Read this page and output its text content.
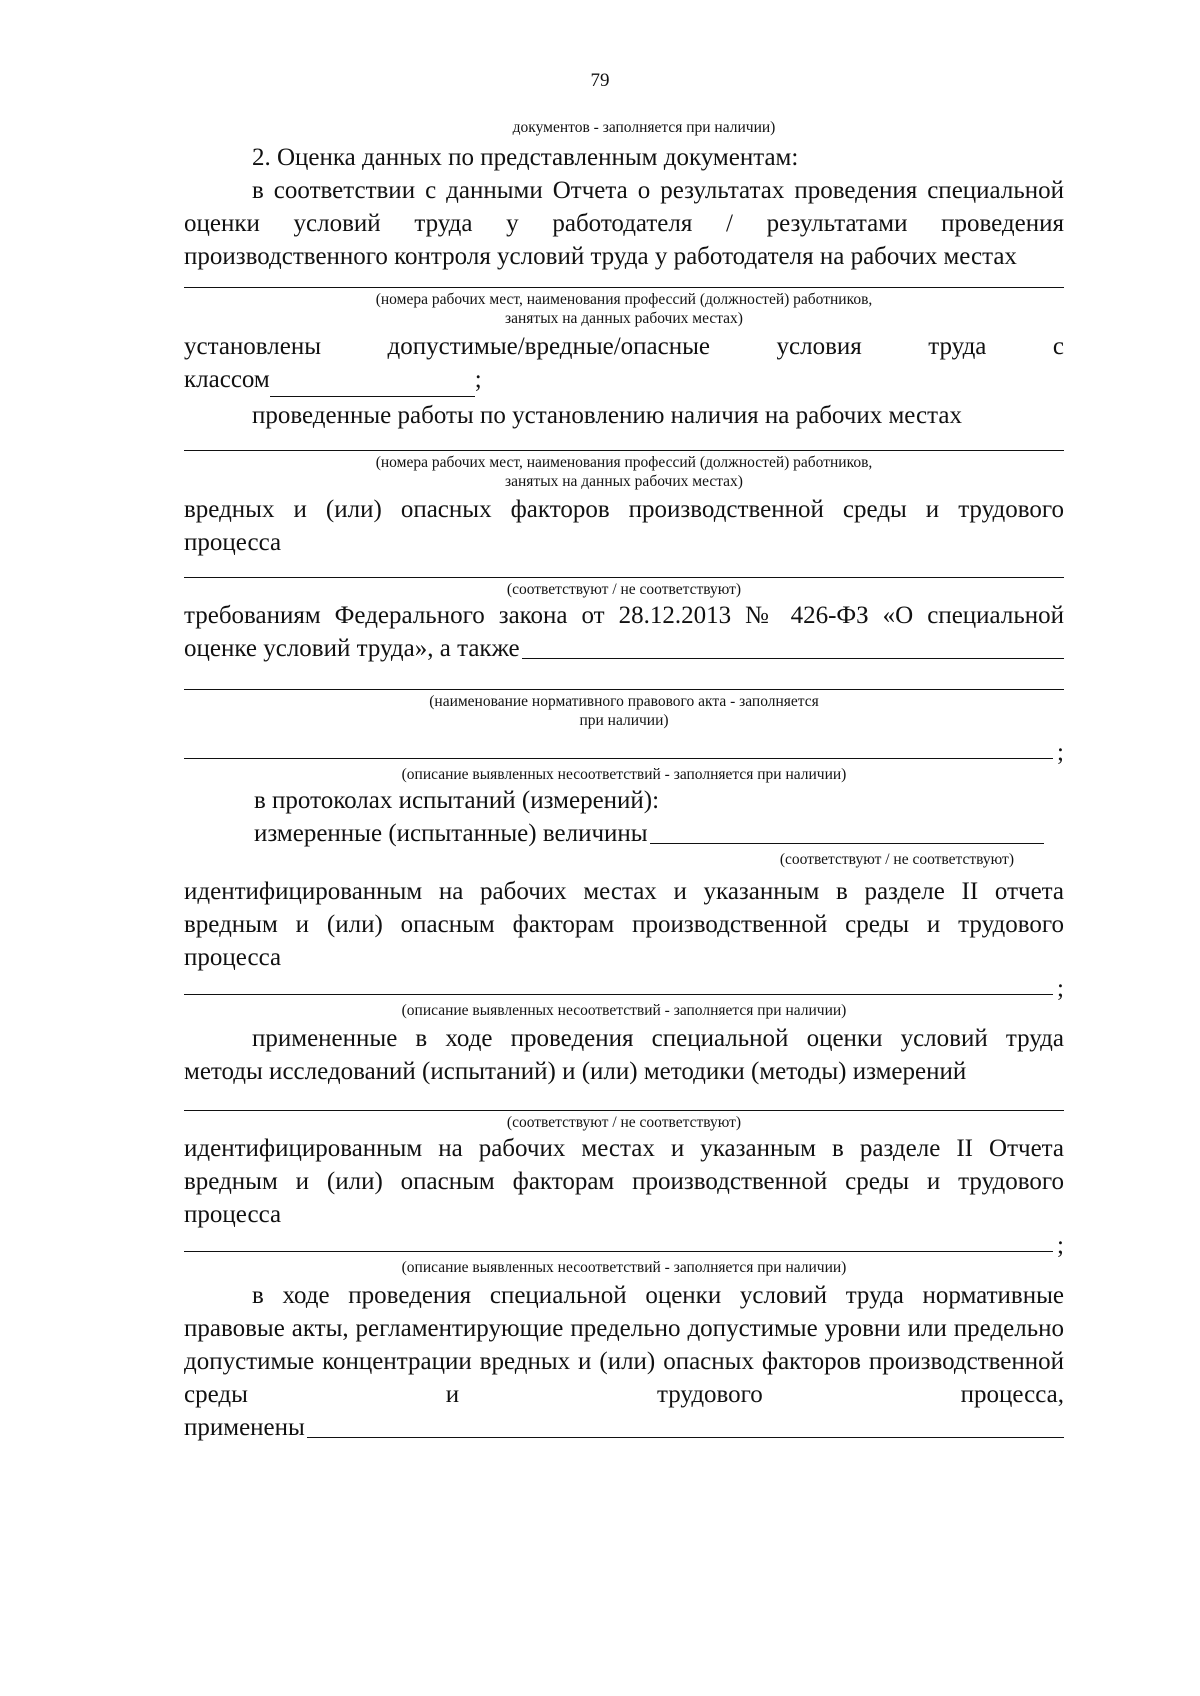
79
документов - заполняется при наличии)
2. Оценка данных по представленным документам:
в соответствии с данными Отчета о результатах проведения специальной оценки условий труда у работодателя / результатами проведения производственного контроля условий труда у работодателя на рабочих местах
(номера рабочих мест, наименования профессий (должностей) работников,
занятых на данных рабочих местах)
установлены допустимые/вредные/опасные условия труда с
классом	;
проведенные работы по установлению наличия на рабочих местах
(номера рабочих мест, наименования профессий (должностей) работников,
занятых на данных рабочих местах)
вредных и (или) опасных факторов производственной среды и трудового процесса
(соответствуют / не соответствуют)
требованиям Федерального закона от 28.12.2013 № 426-ФЗ «О специальной
оценке условий труда», а также
(наименование нормативного правового акта - заполняется
при наличии)
;
(описание выявленных несоответствий - заполняется при наличии)
в протоколах испытаний (измерений):
измеренные (испытанные) величины
(соответствуют / не соответствуют)
идентифицированным на рабочих местах и указанным в разделе II отчета вредным и (или) опасным факторам производственной среды и трудового процесса
;
(описание выявленных несоответствий - заполняется при наличии)
примененные в ходе проведения специальной оценки условий труда методы исследований (испытаний) и (или) методики (методы) измерений
(соответствуют / не соответствуют)
идентифицированным на рабочих местах и указанным в разделе II Отчета вредным и (или) опасным факторам производственной среды и трудового процесса
;
(описание выявленных несоответствий - заполняется при наличии)
в ходе проведения специальной оценки условий труда нормативные правовые акты, регламентирующие предельно допустимые уровни или предельно допустимые концентрации вредных и (или) опасных факторов производственной среды и трудового процесса,
применены
